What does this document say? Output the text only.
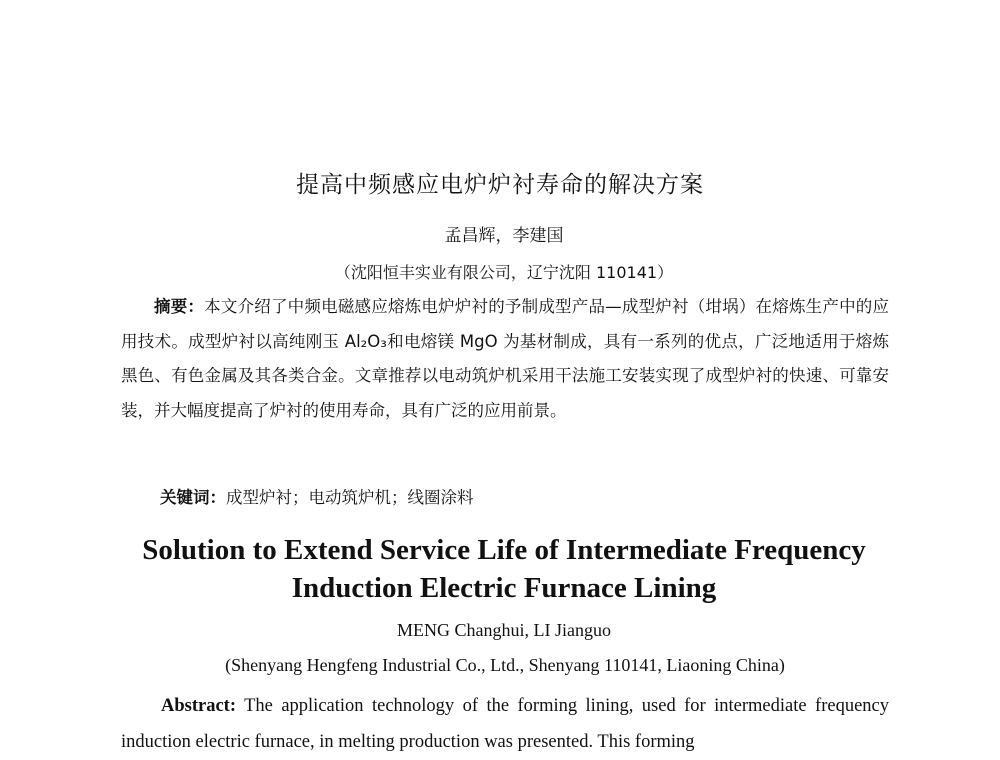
提高中频感应电炉炉衬寿命的解决方案
孟昌辉，李建国
（沈阳恒丰实业有限公司，辽宁沈阳 110141）

摘要：本文介绍了中频电磁感应熔炼电炉炉衬的予制成型产品—成型炉衬（坩埚）在熔炼生产中的应用技术。成型炉衬以高纯刚玉 Al₂O₃和电熔镁 MgO 为基材制成，具有一系列的优点，广泛地适用于熔炼黑色、有色金属及其各类合金。文章推荐以电动筑炉机采用干法施工安装实现了成型炉衬的快速、可靠安装，并大幅度提高了炉衬的使用寿命，具有广泛的应用前景。

关键词：成型炉衬；电动筑炉机；线圈涂料
Solution to Extend Service Life of Intermediate Frequency
Induction Electric Furnace Lining
MENG Changhui, LI Jianguo
(Shenyang Hengfeng Industrial Co., Ltd., Shenyang 110141, Liaoning China)

Abstract: The application technology of the forming lining, used for intermediate frequency induction electric furnace, in melting production was presented. This forming
